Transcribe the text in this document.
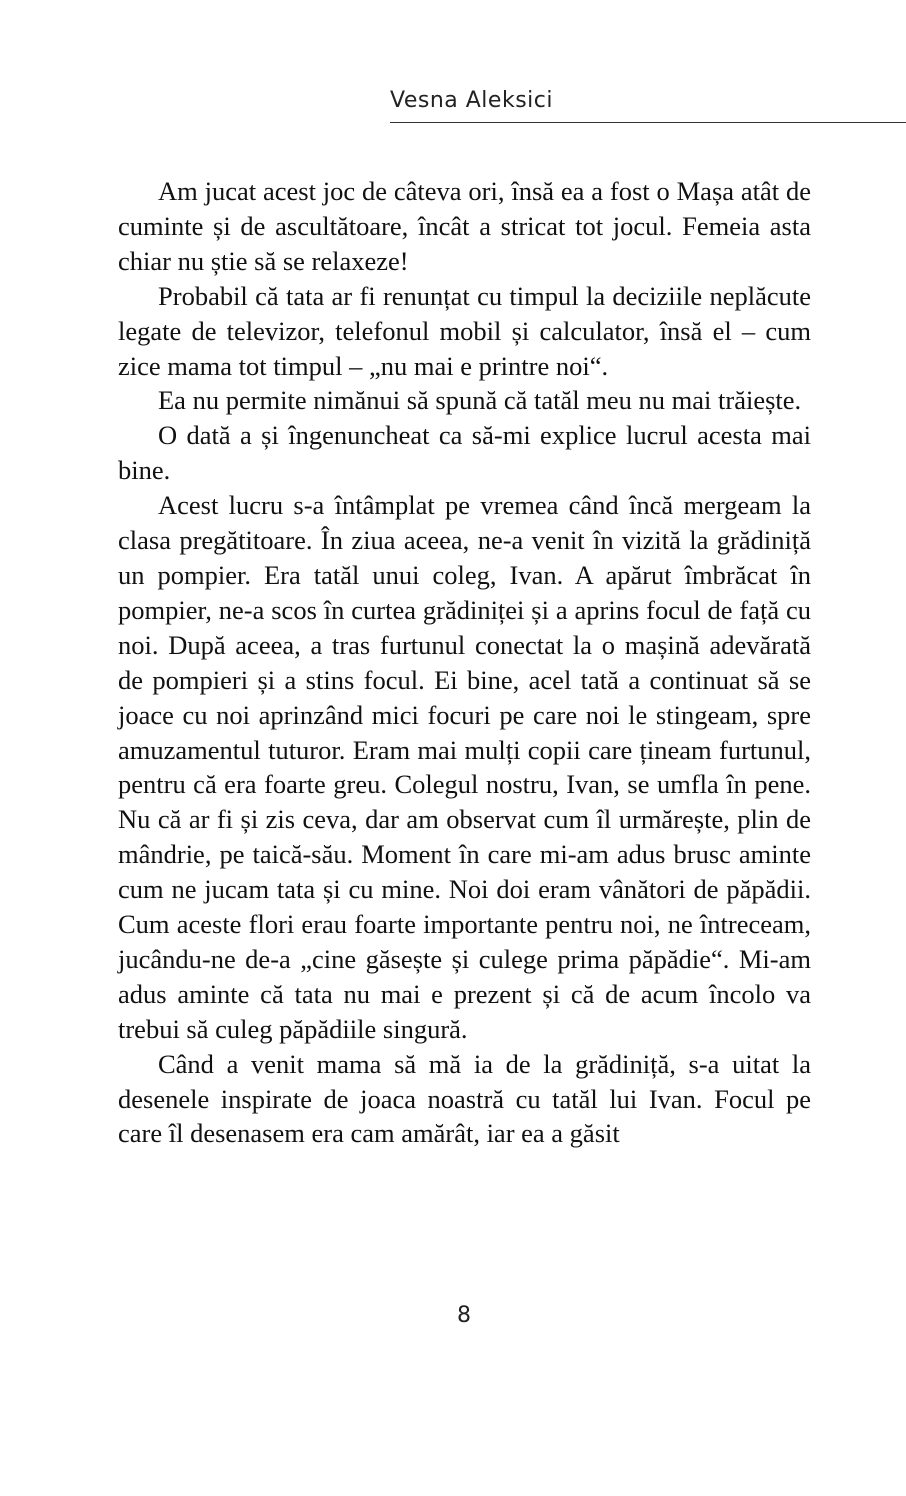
Vesna Aleksici

Am jucat acest joc de câteva ori, însă ea a fost o Mașa atât de cuminte și de ascultătoare, încât a stricat tot jocul. Femeia asta chiar nu știe să se relaxeze!

Probabil că tata ar fi renunțat cu timpul la deciziile neplăcute legate de televizor, telefonul mobil și calculator, însă el – cum zice mama tot timpul – „nu mai e printre noi“.

Ea nu permite nimănui să spună că tatăl meu nu mai trăiește.

O dată a și îngenuncheat ca să-mi explice lucrul acesta mai bine.

Acest lucru s-a întâmplat pe vremea când încă mergeam la clasa pregătitoare. În ziua aceea, ne-a venit în vizită la grădiniță un pompier. Era tatăl unui coleg, Ivan. A apărut îmbrăcat în pompier, ne-a scos în curtea grădiniței și a aprins focul de față cu noi. După aceea, a tras furtunul conectat la o mașină adevărată de pompieri și a stins focul. Ei bine, acel tată a continuat să se joace cu noi aprinzând mici focuri pe care noi le stingeam, spre amuzamentul tuturor. Eram mai mulți copii care țineam furtunul, pentru că era foarte greu. Colegul nostru, Ivan, se umfla în pene. Nu că ar fi și zis ceva, dar am observat cum îl urmărește, plin de mândrie, pe taică-său. Moment în care mi-am adus brusc aminte cum ne jucam tata și cu mine. Noi doi eram vânători de păpădii. Cum aceste flori erau foarte importante pentru noi, ne întreceam, jucându-ne de-a „cine găsește și culege prima păpădie“. Mi-am adus aminte că tata nu mai e prezent și că de acum încolo va trebui să culeg păpădiile singură.

Când a venit mama să mă ia de la grădiniță, s-a uitat la desenele inspirate de joaca noastră cu tatăl lui Ivan. Focul pe care îl desenasem era cam amărât, iar ea a găsit

8
